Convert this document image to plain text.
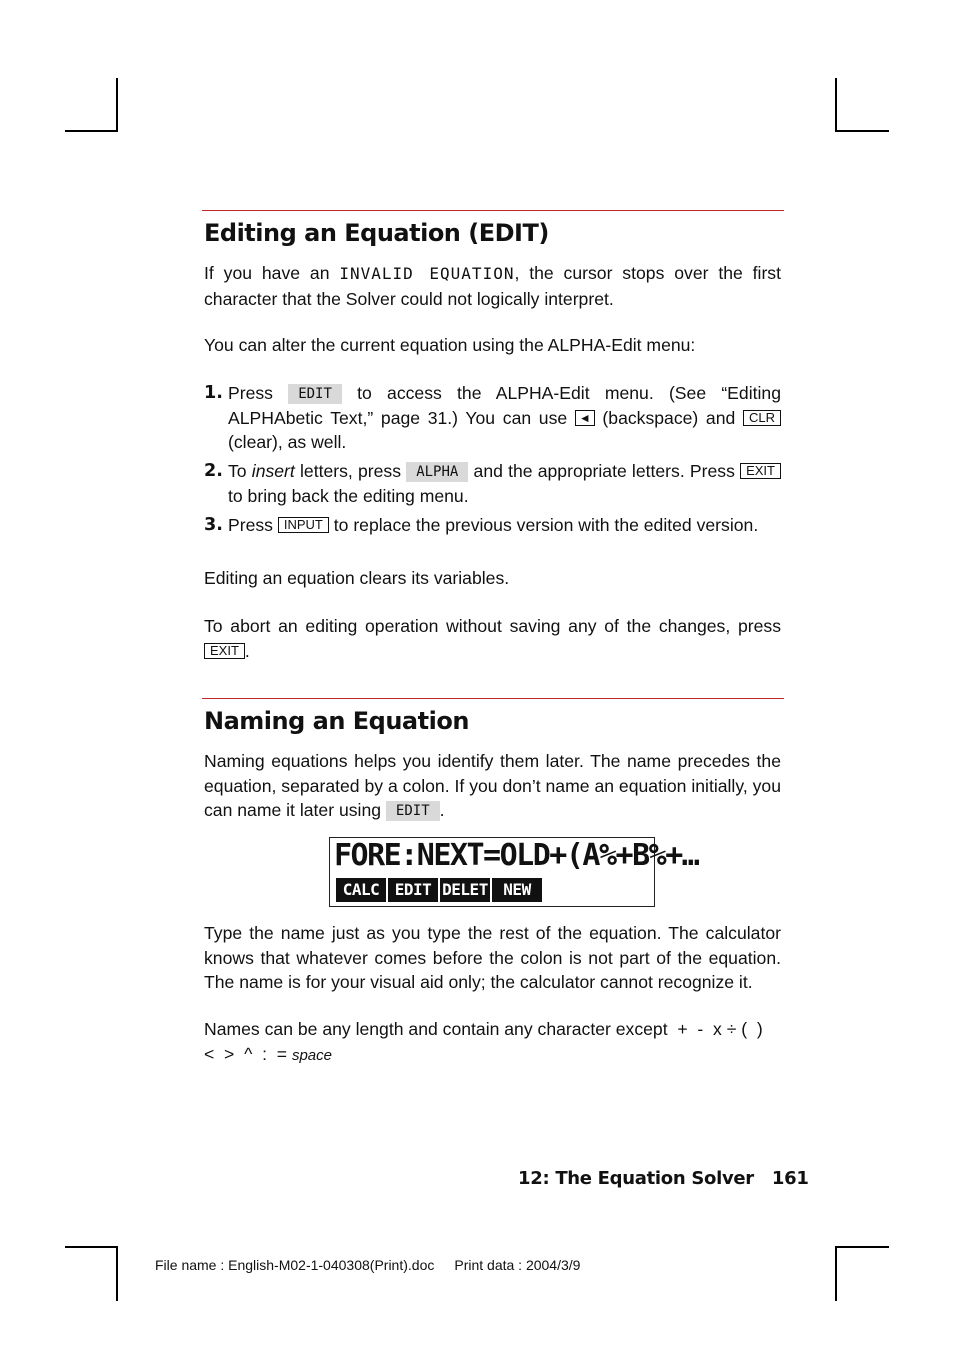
Editing an Equation (EDIT)

If you have an INVALID EQUATION, the cursor stops over the first character that the Solver could not logically interpret.

You can alter the current equation using the ALPHA-Edit menu:

1. Press EDIT to access the ALPHA-Edit menu. (See “Editing ALPHAbetic Text,” page 31.) You can use ◄ (backspace) and CLR (clear), as well.
2. To insert letters, press ALPHA and the appropriate letters. Press EXIT to bring back the editing menu.
3. Press INPUT to replace the previous version with the edited version.

Editing an equation clears its variables.

To abort an editing operation without saving any of the changes, press EXIT .

Naming an Equation

Naming equations helps you identify them later. The name precedes the equation, separated by a colon. If you don’t name an equation initially, you can name it later using EDIT .

FORE:NEXT=OLD+(A%+B%+…
CALC EDIT DELET NEW

Type the name just as you type the rest of the equation. The calculator knows that whatever comes before the colon is not part of the equation. The name is for your visual aid only; the calculator cannot recognize it.

Names can be any length and contain any character except  +  -  x ÷ (  )
<  >  ^  :  = space

12: The Equation Solver 161
File name : English-M02-1-040308(Print).doc Print data : 2004/3/9
